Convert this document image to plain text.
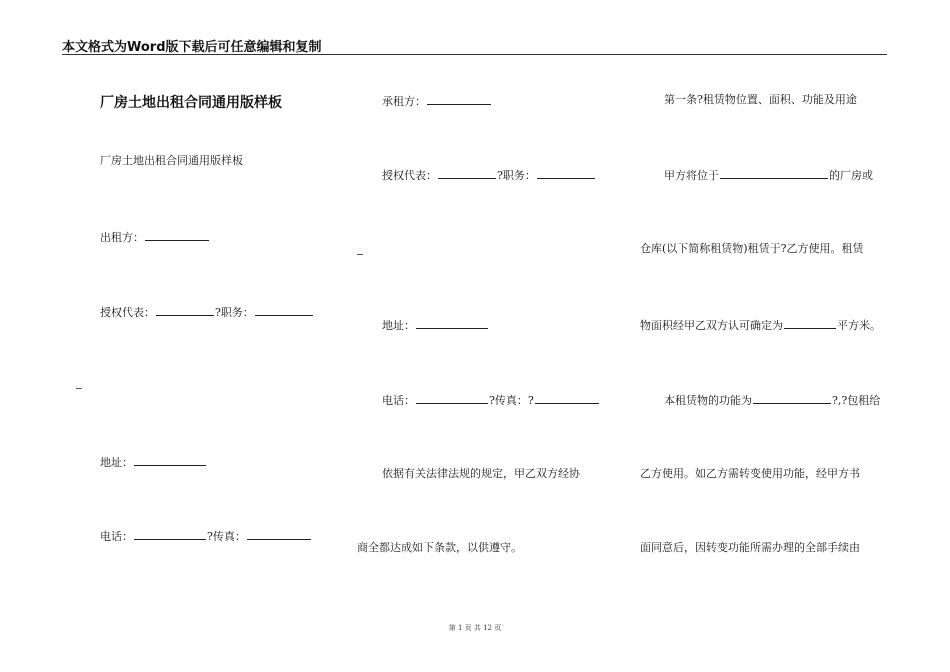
本文格式为Word版下载后可任意编辑和复制
厂房土地出租合同通用版样板
厂房土地出租合同通用版样板
出租方：
授权代表：	?职务：
地址：
电话：	?传真：
承租方：
授权代表：	?职务：
地址：
电话：	?传真：?
依据有关法律法规的规定，甲乙双方经协
商全都达成如下条款，以供遵守。
第一条?租赁物位置、面积、功能及用途
甲方将位于	的厂房或
仓库(以下简称租赁物)租赁于?乙方使用。租赁
物面积经甲乙双方认可确定为	平方米。
本租赁物的功能为	?,?包租给
乙方使用。如乙方需转变使用功能，经甲方书
面同意后，因转变功能所需办理的全部手续由
第 1 页 共 12 页
